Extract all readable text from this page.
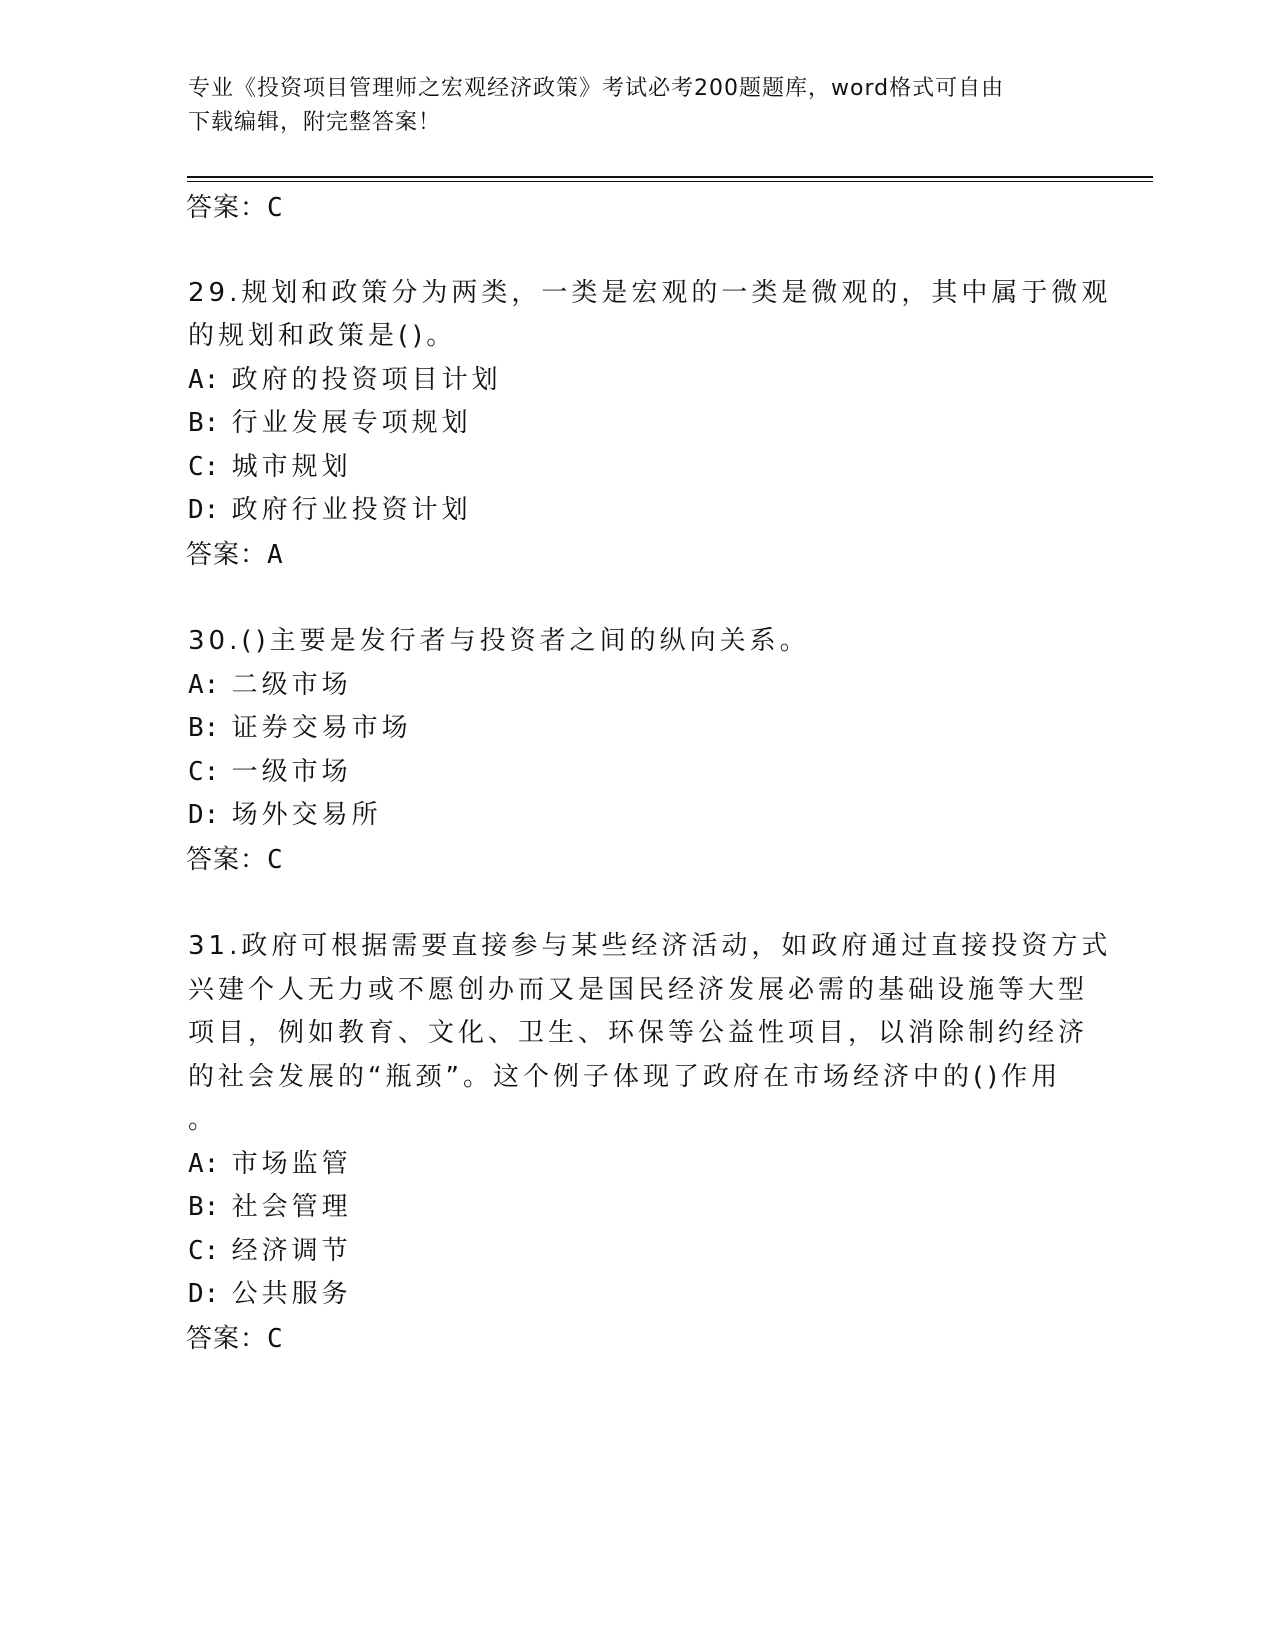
专业《投资项目管理师之宏观经济政策》考试必考200题题库，word格式可自由
下载编辑，附完整答案！
答案：C
29.规划和政策分为两类，一类是宏观的一类是微观的，其中属于微观
的规划和政策是()。
A: 政府的投资项目计划
B: 行业发展专项规划
C: 城市规划
D: 政府行业投资计划
答案：A
30.()主要是发行者与投资者之间的纵向关系。
A: 二级市场
B: 证券交易市场
C: 一级市场
D: 场外交易所
答案：C
31.政府可根据需要直接参与某些经济活动，如政府通过直接投资方式
兴建个人无力或不愿创办而又是国民经济发展必需的基础设施等大型
项目，例如教育、文化、卫生、环保等公益性项目，以消除制约经济
的社会发展的“瓶颈”。这个例子体现了政府在市场经济中的()作用
。
A: 市场监管
B: 社会管理
C: 经济调节
D: 公共服务
答案：C
